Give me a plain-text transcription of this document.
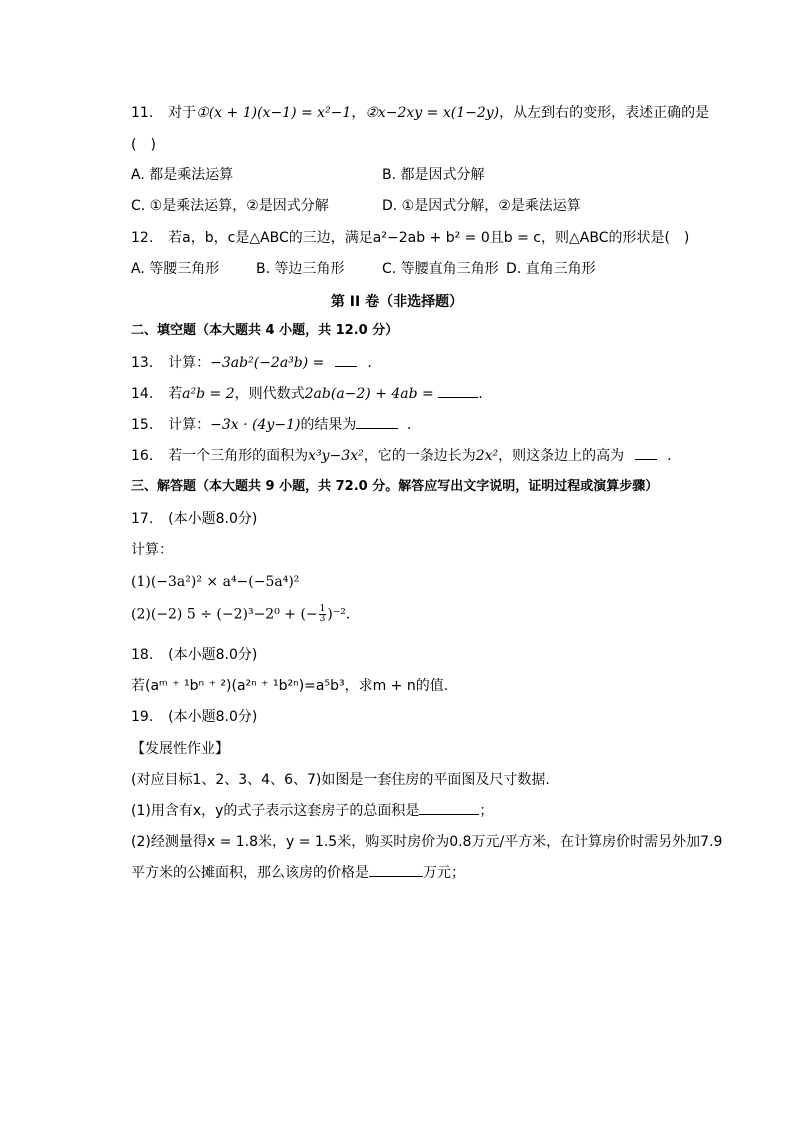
11. 对于①(x + 1)(x−1) = x²−1，②x−2xy = x(1−2y)，从左到右的变形，表述正确的是
(　)
A. 都是乘法运算	B. 都是因式分解
C. ①是乘法运算，②是因式分解	D. ①是因式分解，②是乘法运算
12. 若a，b，c是△ABC的三边，满足a²−2ab + b² = 0且b = c，则△ABC的形状是(　)
A. 等腰三角形	B. 等边三角形	C. 等腰直角三角形 D. 直角三角形
第 II 卷（非选择题）
二、填空题（本大题共 4 小题，共 12.0 分）
13. 计算：−3ab²(−2a³b) =	.
14. 若a²b = 2，则代数式2ab(a−2) + 4ab =	.
15. 计算：−3x · (4y−1)的结果为	.
16. 若一个三角形的面积为x³y−3x²，它的一条边长为2x²，则这条边上的高为	.
三、解答题（本大题共 9 小题，共 72.0 分。解答应写出文字说明，证明过程或演算步骤）
17. (本小题8.0分)
计算：
(1)(−3a²)² × a⁴−(−5a⁴)²
(2)(−2) 5 ÷ (−2)³−2⁰ + (− $\frac{1}{3} )^{-2}$.
18. (本小题8.0分)
若(aᵐ ⁺ ¹bⁿ ⁺ ²)(a²ⁿ ⁺ ¹b²ⁿ)=a⁵b³，求m + n的值.
19. (本小题8.0分)
【发展性作业】
(对应目标1、2、3、4、6、7)如图是一套住房的平面图及尺寸数据.
(1)用含有x，y的式子表示这套房子的总面积是	；
(2)经测量得x = 1.8米，y = 1.5米，购买时房价为0.8万元/平方米，在计算房价时需另外加7.9
平方米的公摊面积，那么该房的价格是	万元；
